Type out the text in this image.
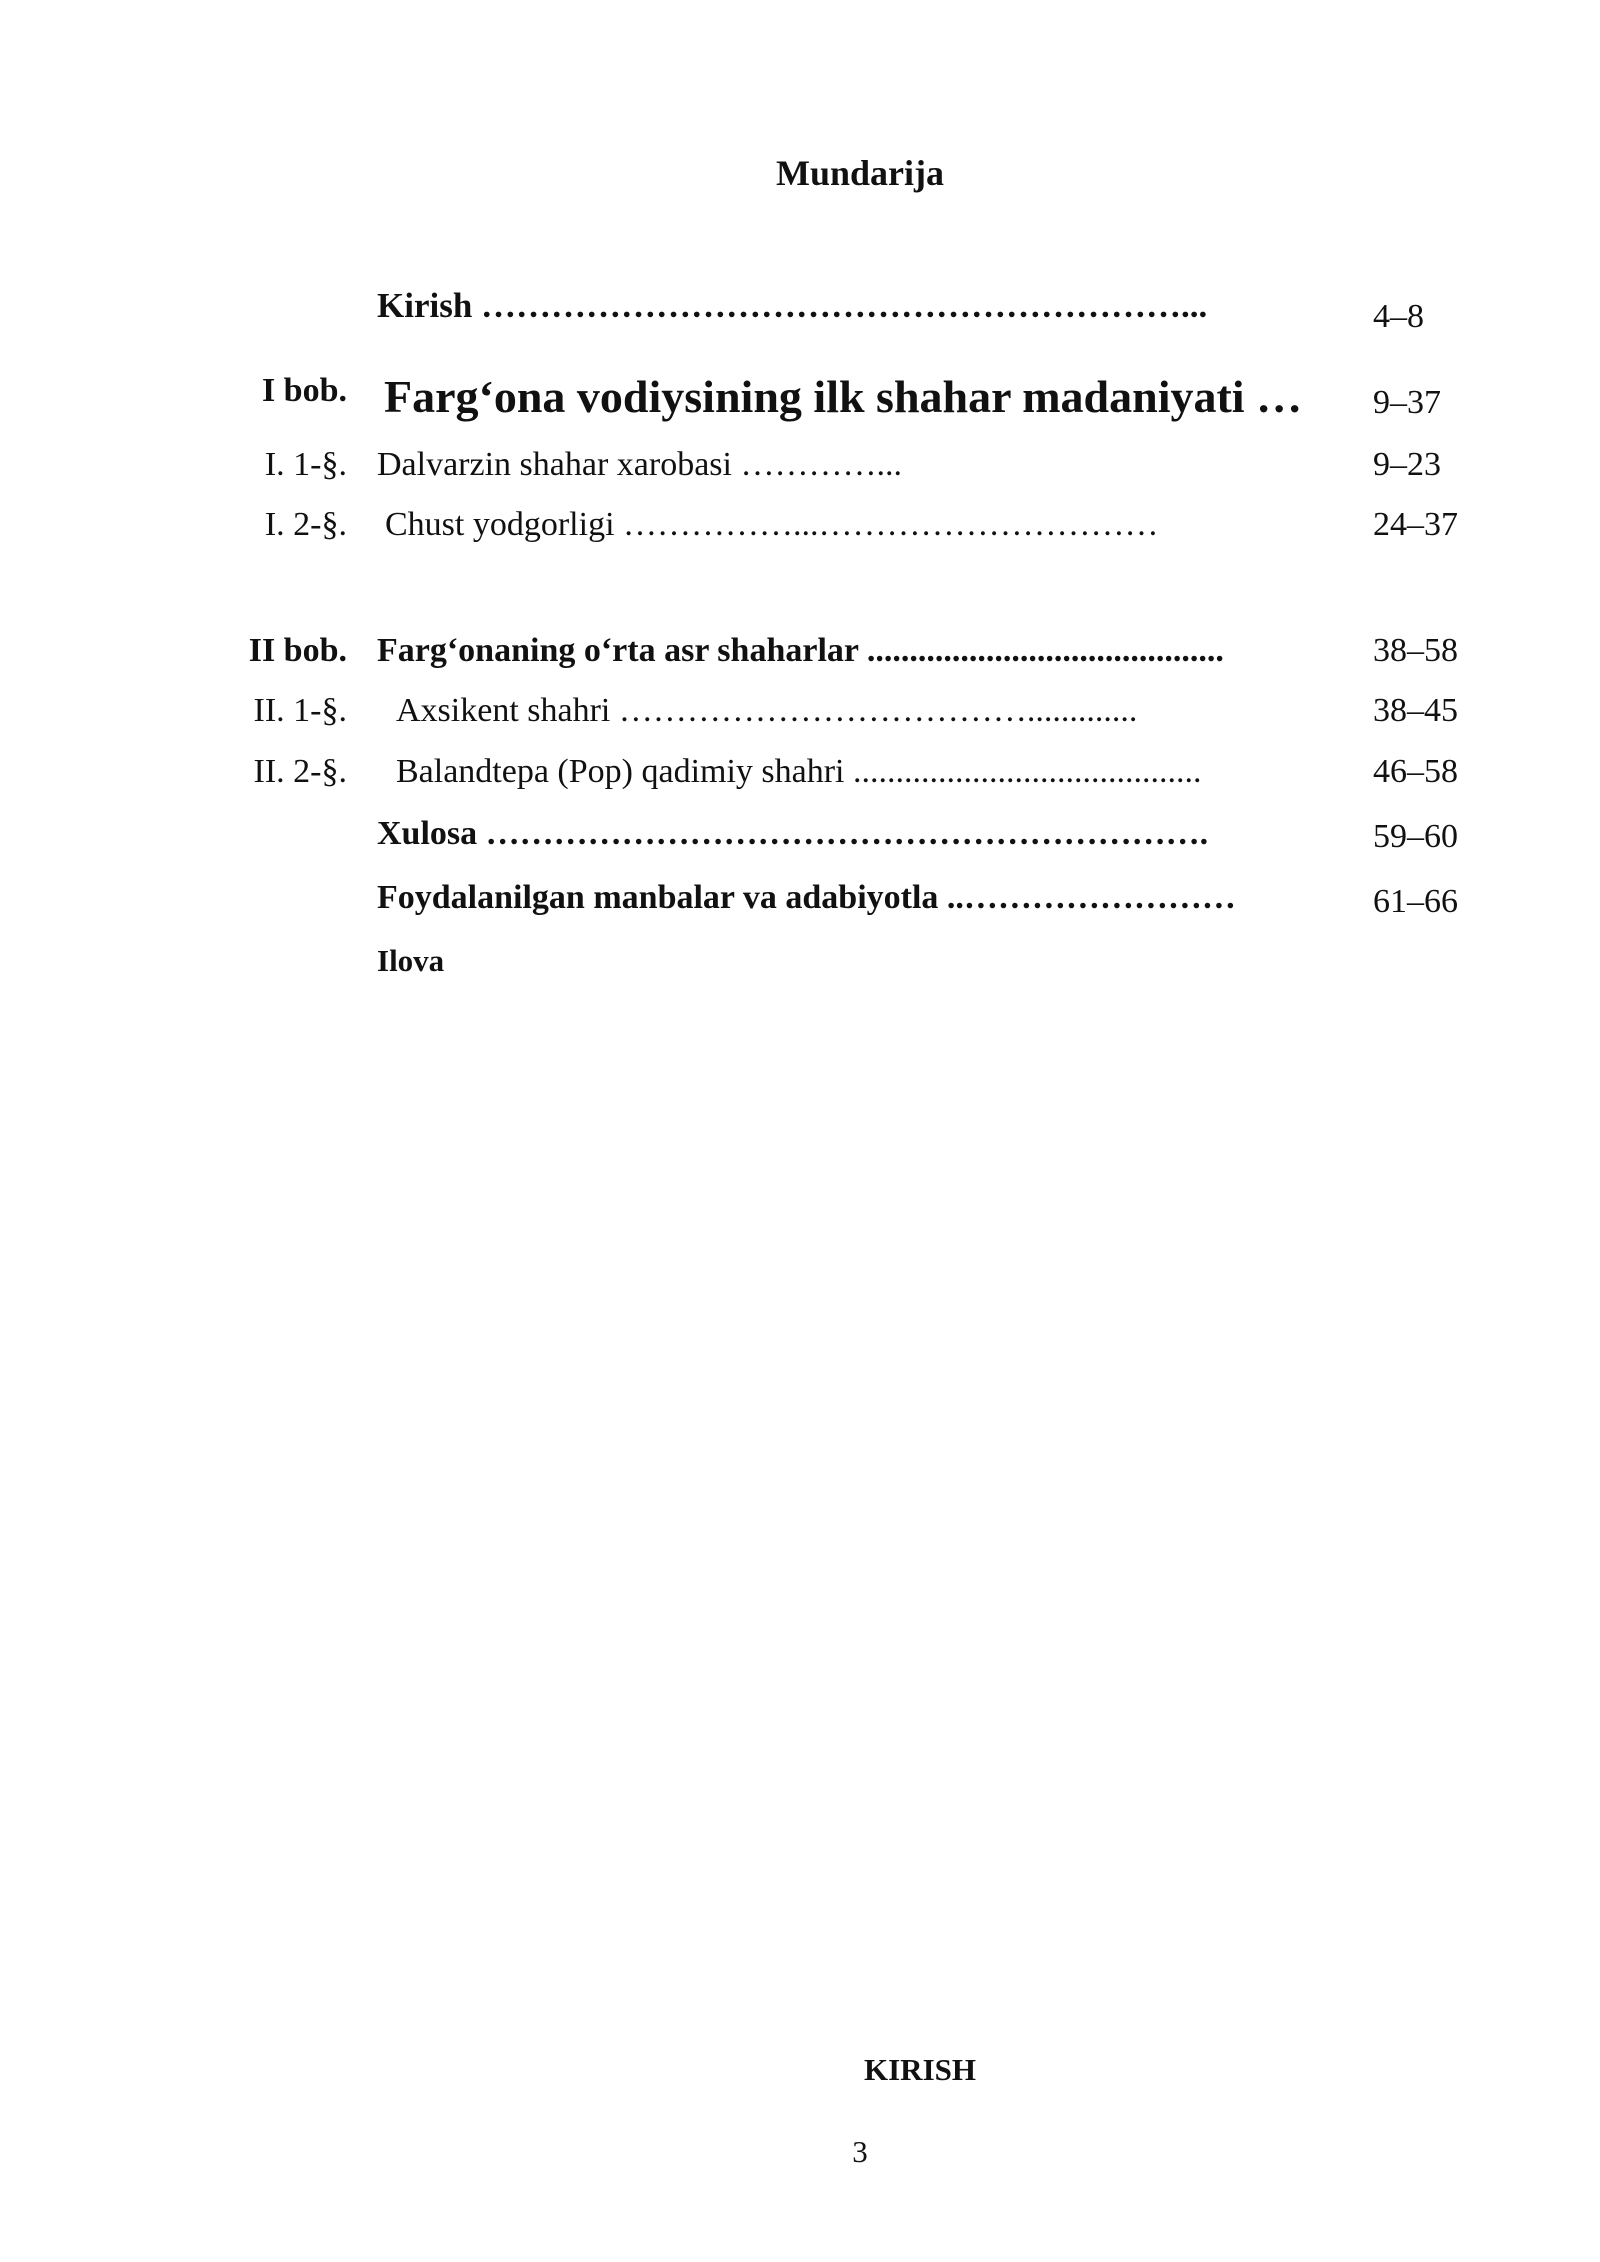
Mundarija
Kirish ……………………………………………………...	4–8
I bob. Farg‘ona vodiysining ilk shahar madaniyati … 9–37
I. 1-§. Dalvarzin shahar xarobasi …………...	9–23
I. 2-§. Chust yodgorligi ……………...…………………………	24–37
II bob. Farg‘onaning o‘rta asr shaharlar ..........................................	38–58
II. 1-§. Axsikent shahri ……………………………….............	38–45
II. 2-§. Balandtepa (Pop) qadimiy shahri .........................................	46–58
Xulosa ……………………………………………………….	59–60
Foydalanilgan manbalar va adabiyotla ..……………………	61–66
Ilova
KIRISH
3
